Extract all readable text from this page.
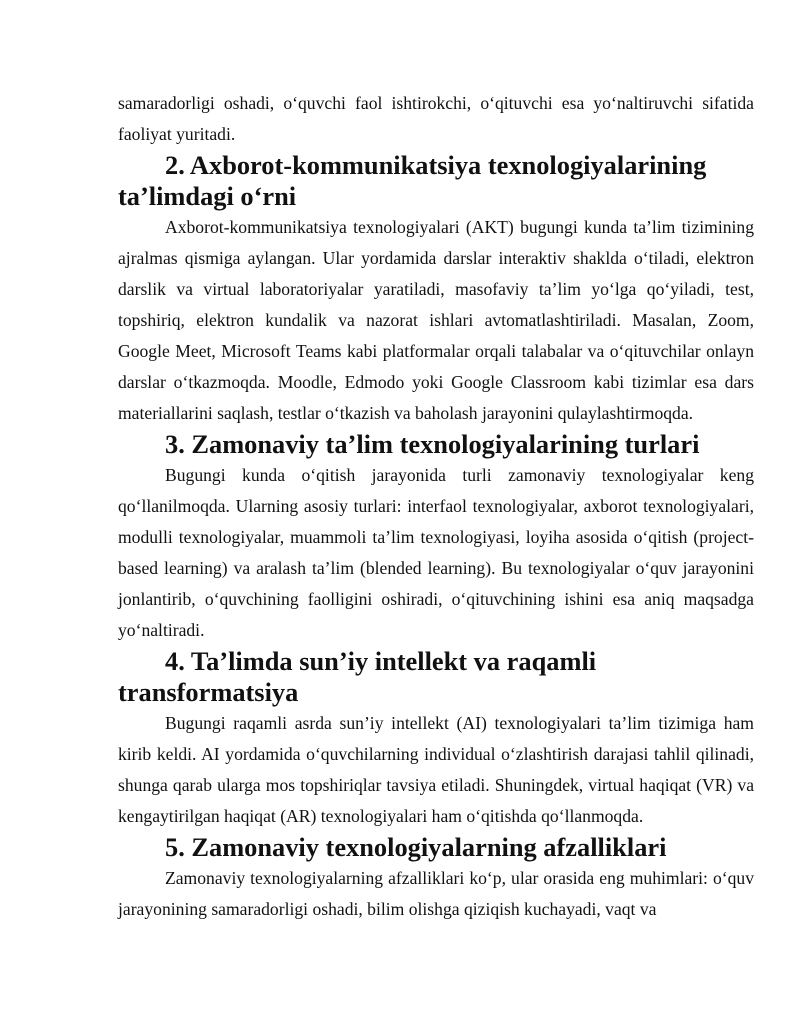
samaradorligi oshadi, o‘quvchi faol ishtirokchi, o‘qituvchi esa yo‘naltiruvchi sifatida faoliyat yuritadi.

2. Axborot-kommunikatsiya texnologiyalarining ta’limdagi o‘rni

Axborot-kommunikatsiya texnologiyalari (AKT) bugungi kunda ta’lim tizimining ajralmas qismiga aylangan. Ular yordamida darslar interaktiv shaklda o‘tiladi, elektron darslik va virtual laboratoriyalar yaratiladi, masofaviy ta’lim yo‘lga qo‘yiladi, test, topshiriq, elektron kundalik va nazorat ishlari avtomatlashtiriladi. Masalan, Zoom, Google Meet, Microsoft Teams kabi platformalar orqali talabalar va o‘qituvchilar onlayn darslar o‘tkazmoqda. Moodle, Edmodo yoki Google Classroom kabi tizimlar esa dars materiallarini saqlash, testlar o‘tkazish va baholash jarayonini qulaylashtirmoqda.

3. Zamonaviy ta’lim texnologiyalarining turlari

Bugungi kunda o‘qitish jarayonida turli zamonaviy texnologiyalar keng qo‘llanilmoqda. Ularning asosiy turlari: interfaol texnologiyalar, axborot texnologiyalari, modulli texnologiyalar, muammoli ta’lim texnologiyasi, loyiha asosida o‘qitish (project-based learning) va aralash ta’lim (blended learning). Bu texnologiyalar o‘quv jarayonini jonlantirib, o‘quvchining faolligini oshiradi, o‘qituvchining ishini esa aniq maqsadga yo‘naltiradi.

4. Ta’limda sun’iy intellekt va raqamli transformatsiya

Bugungi raqamli asrda sun’iy intellekt (AI) texnologiyalari ta’lim tizimiga ham kirib keldi. AI yordamida o‘quvchilarning individual o‘zlashtirish darajasi tahlil qilinadi, shunga qarab ularga mos topshiriqlar tavsiya etiladi. Shuningdek, virtual haqiqat (VR) va kengaytirilgan haqiqat (AR) texnologiyalari ham o‘qitishda qo‘llanmoqda.

5. Zamonaviy texnologiyalarning afzalliklari

Zamonaviy texnologiyalarning afzalliklari ko‘p, ular orasida eng muhimlari: o‘quv jarayonining samaradorligi oshadi, bilim olishga qiziqish kuchayadi, vaqt va
